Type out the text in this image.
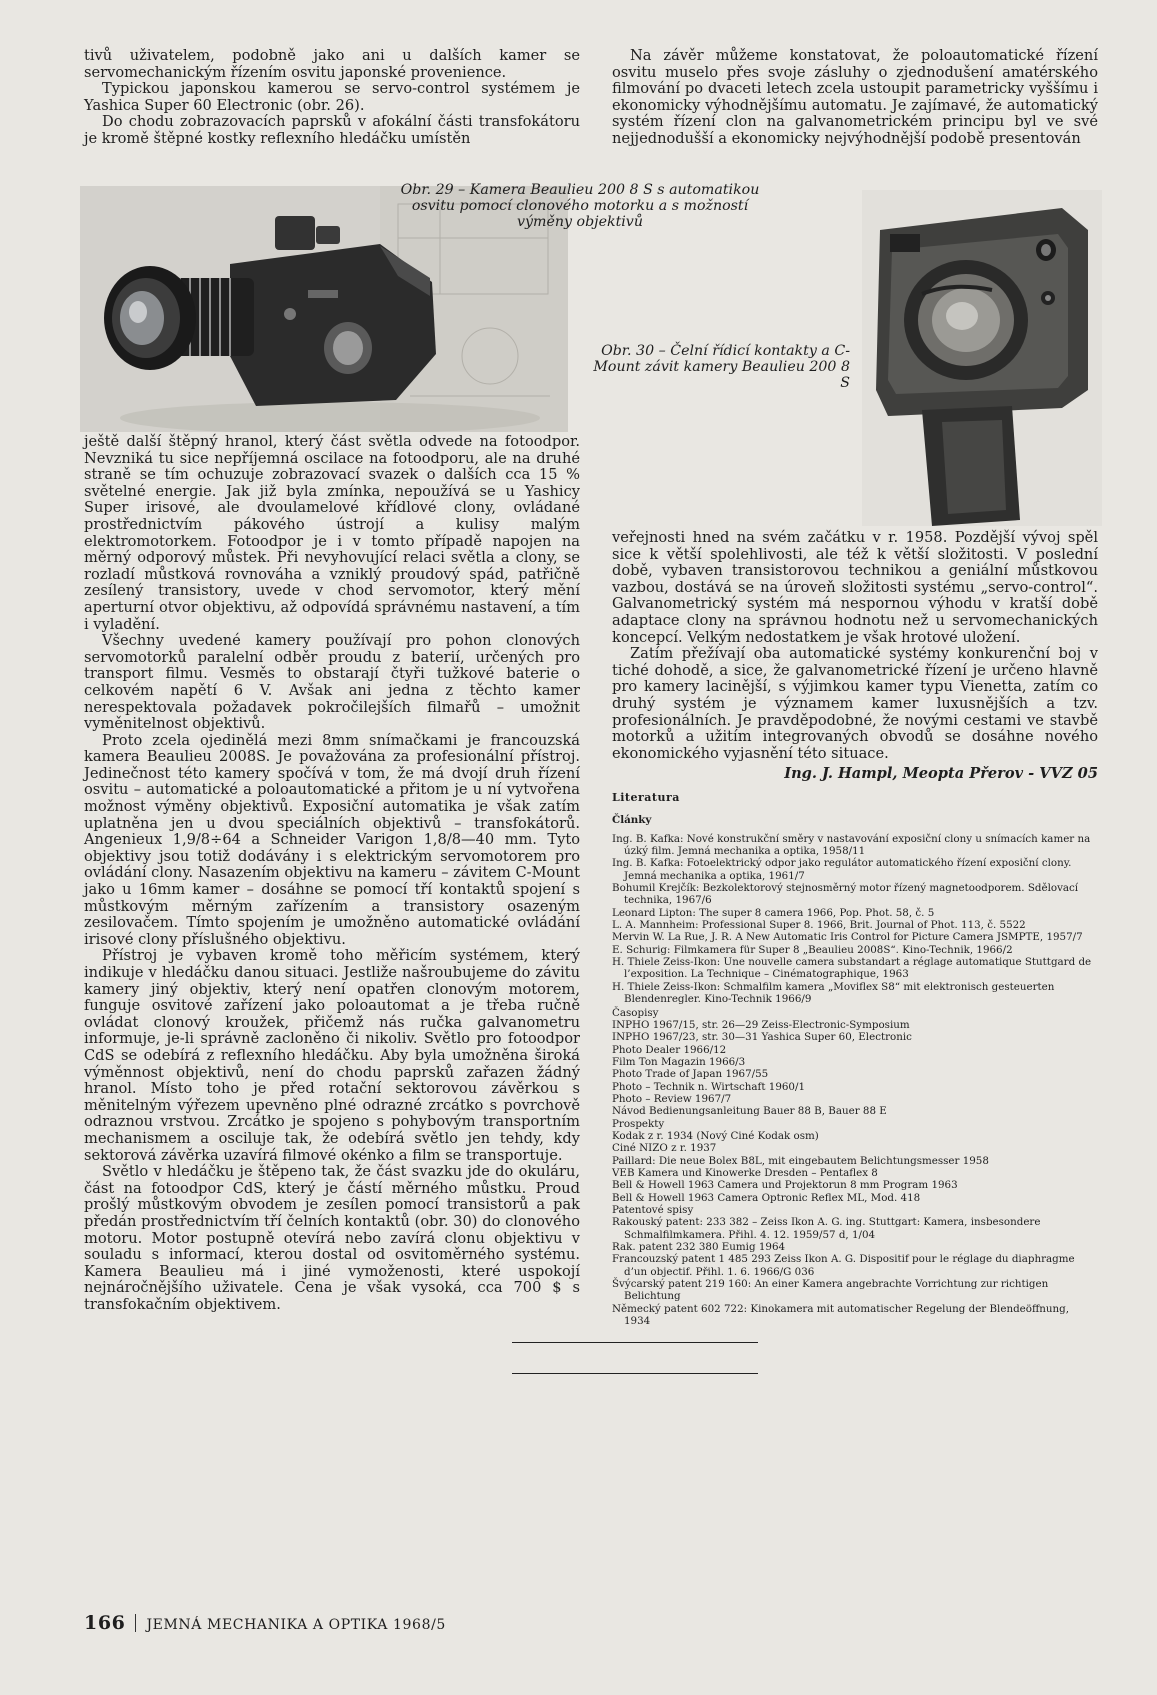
tivů uživatelem, podobně jako ani u dalších kamer se servomechanickým řízením osvitu japonské provenience.

Typickou japonskou kamerou se servo-control systémem je Yashica Super 60 Electronic (obr. 26).

Do chodu zobrazovacích paprsků v afokální části transfokátoru je kromě štěpné kostky reflexního hledáčku umístěn

Na závěr můžeme konstatovat, že poloautomatické řízení osvitu muselo přes svoje zásluhy o zjednodušení amatérského filmování po dvaceti letech zcela ustoupit parametricky vyššímu i ekonomicky výhodnějšímu automatu. Je zajímavé, že automatický systém řízení clon na galvanometrickém principu byl ve své nejjednodušší a ekonomicky nejvýhodnější podobě presentován

Obr. 29 – Kamera Beaulieu 200 8 S s automatikou osvitu pomocí clonového motorku a s možností výměny objektivů
Obr. 30 – Čelní řídicí kontakty a C-Mount závit kamery Beaulieu 200 8 S

ještě další štěpný hranol, který část světla odvede na fotoodpor. Nevzniká tu sice nepříjemná oscilace na fotoodporu, ale na druhé straně se tím ochuzuje zobrazovací svazek o dalších cca 15 % světelné energie. Jak již byla zmínka, nepoužívá se u Yashicy Super irisové, ale dvoulamelové křídlové clony, ovládané prostřednictvím pákového ústrojí a kulisy malým elektromotorkem. Fotoodpor je i v tomto případě napojen na měrný odporový můstek. Při nevyhovující relaci světla a clony, se rozladí můstková rovnováha a vzniklý proudový spád, patřičně zesílený transistory, uvede v chod servomotor, který mění aperturní otvor objektivu, až odpovídá správnému nastavení, a tím i vyladění.

Všechny uvedené kamery používají pro pohon clonových servomotorků paralelní odběr proudu z baterií, určených pro transport filmu. Vesměs to obstarají čtyři tužkové baterie o celkovém napětí 6 V. Avšak ani jedna z těchto kamer nerespektovala požadavek pokročilejších filmařů – umožnit vyměnitelnost objektivů.

Proto zcela ojedinělá mezi 8mm snímačkami je francouzská kamera Beaulieu 2008S. Je považována za profesionální přístroj. Jedinečnost této kamery spočívá v tom, že má dvojí druh řízení osvitu – automatické a poloautomatické a přitom je u ní vytvořena možnost výměny objektivů. Exposiční automatika je však zatím uplatněna jen u dvou speciálních objektivů – transfokátorů. Angenieux 1,9/8÷64 a Schneider Varigon 1,8/8—40 mm. Tyto objektivy jsou totiž dodávány i s elektrickým servomotorem pro ovládání clony. Nasazením objektivu na kameru – závitem C-Mount jako u 16mm kamer – dosáhne se pomocí tří kontaktů spojení s můstkovým měrným zařízením a transistory osazeným zesilovačem. Tímto spojením je umožněno automatické ovládání irisové clony příslušného objektivu.

Přístroj je vybaven kromě toho měřicím systémem, který indikuje v hledáčku danou situaci. Jestliže našroubujeme do závitu kamery jiný objektiv, který není opatřen clonovým motorem, funguje osvitové zařízení jako poloautomat a je třeba ručně ovládat clonový kroužek, přičemž nás ručka galvanometru informuje, je-li správně zacloněno či nikoliv. Světlo pro fotoodpor CdS se odebírá z reflexního hledáčku. Aby byla umožněna široká výměnnost objektivů, není do chodu paprsků zařazen žádný hranol. Místo toho je před rotační sektorovou závěrkou s měnitelným výřezem upevněno plné odrazné zrcátko s povrchově odraznou vrstvou. Zrcátko je spojeno s pohybovým transportním mechanismem a osciluje tak, že odebírá světlo jen tehdy, kdy sektorová závěrka uzavírá filmové okénko a film se transportuje.

Světlo v hledáčku je štěpeno tak, že část svazku jde do okuláru, část na fotoodpor CdS, který je částí měrného můstku. Proud prošlý můstkovým obvodem je zesílen pomocí transistorů a pak předán prostřednictvím tří čelních kontaktů (obr. 30) do clonového motoru. Motor postupně otevírá nebo zavírá clonu objektivu v souladu s informací, kterou dostal od osvitoměrného systému. Kamera Beaulieu má i jiné vymoženosti, které uspokojí nejnáročnějšího uživatele. Cena je však vysoká, cca 700 $ s transfokačním objektivem.

veřejnosti hned na svém začátku v r. 1958. Pozdější vývoj spěl sice k větší spolehlivosti, ale též k větší složitosti. V poslední době, vybaven transistorovou technikou a geniální můstkovou vazbou, dostává se na úroveň složitosti systému „servo-control“. Galvanometrický systém má nespornou výhodu v kratší době adaptace clony na správnou hodnotu než u servomechanických koncepcí. Velkým nedostatkem je však hrotové uložení.

Zatím přežívají oba automatické systémy konkurenční boj v tiché dohodě, a sice, že galvanometrické řízení je určeno hlavně pro kamery lacinější, s výjimkou kamer typu Vienetta, zatím co druhý systém je významem kamer luxusnějších a tzv. profesionálních. Je pravděpodobné, že novými cestami ve stavbě motorků a užitím integrovaných obvodů se dosáhne nového ekonomického vyjasnění této situace.

Ing. J. Hampl, Meopta Přerov - VVZ 05

Literatura
Články
Ing. B. Kafka: Nové konstrukční směry v nastavování exposiční clony u snímacích kamer na úzký film. Jemná mechanika a optika, 1958/11
Ing. B. Kafka: Fotoelektrický odpor jako regulátor automatického řízení exposiční clony. Jemná mechanika a optika, 1961/7
Bohumil Krejčík: Bezkolektorový stejnosměrný motor řízený magnetoodporem. Sdělovací technika, 1967/6
Leonard Lipton: The super 8 camera 1966, Pop. Phot. 58, č. 5
L. A. Mannheim: Professional Super 8. 1966, Brit. Journal of Phot. 113, č. 5522
Mervin W. La Rue, J. R. A New Automatic Iris Control for Picture Camera JSMPTE, 1957/7
E. Schurig: Filmkamera für Super 8 „Beaulieu 2008S“. Kino-Technik, 1966/2
H. Thiele Zeiss-Ikon: Une nouvelle camera substandart a réglage automatique Stuttgard de l’exposition. La Technique – Cinématographique, 1963
H. Thiele Zeiss-Ikon: Schmalfilm kamera „Moviflex S8“ mit elektronisch gesteuerten Blendenregler. Kino-Technik 1966/9
Časopisy
INPHO 1967/15, str. 26—29 Zeiss-Electronic-Symposium
INPHO 1967/23, str. 30—31 Yashica Super 60, Electronic
Photo Dealer 1966/12
Film Ton Magazin 1966/3
Photo Trade of Japan 1967/55
Photo – Technik n. Wirtschaft 1960/1
Photo – Review 1967/7
Návod Bedienungsanleitung Bauer 88 B, Bauer 88 E
Prospekty
Kodak z r. 1934 (Nový Ciné Kodak osm)
Ciné NIZO z r. 1937
Paillard: Die neue Bolex B8L, mit eingebautem Belichtungsmesser 1958
VEB Kamera und Kinowerke Dresden – Pentaflex 8
Bell & Howell 1963 Camera und Projektorun 8 mm Program 1963
Bell & Howell 1963 Camera Optronic Reflex ML, Mod. 418
Patentové spisy
Rakouský patent: 233 382 – Zeiss Ikon A. G. ing. Stuttgart: Kamera, insbesondere Schmalfilmkamera. Přihl. 4. 12. 1959/57 d, 1/04
Rak. patent 232 380 Eumig 1964
Francouzský patent 1 485 293 Zeiss Ikon A. G. Dispositif pour le réglage du diaphragme d’un objectif. Přihl. 1. 6. 1966/G 036
Švýcarský patent 219 160: An einer Kamera angebrachte Vorrichtung zur richtigen Belichtung
Německý patent 602 722: Kinokamera mit automatischer Regelung der Blendeöffnung, 1934
166 JEMNÁ MECHANIKA A OPTIKA 1968/5
